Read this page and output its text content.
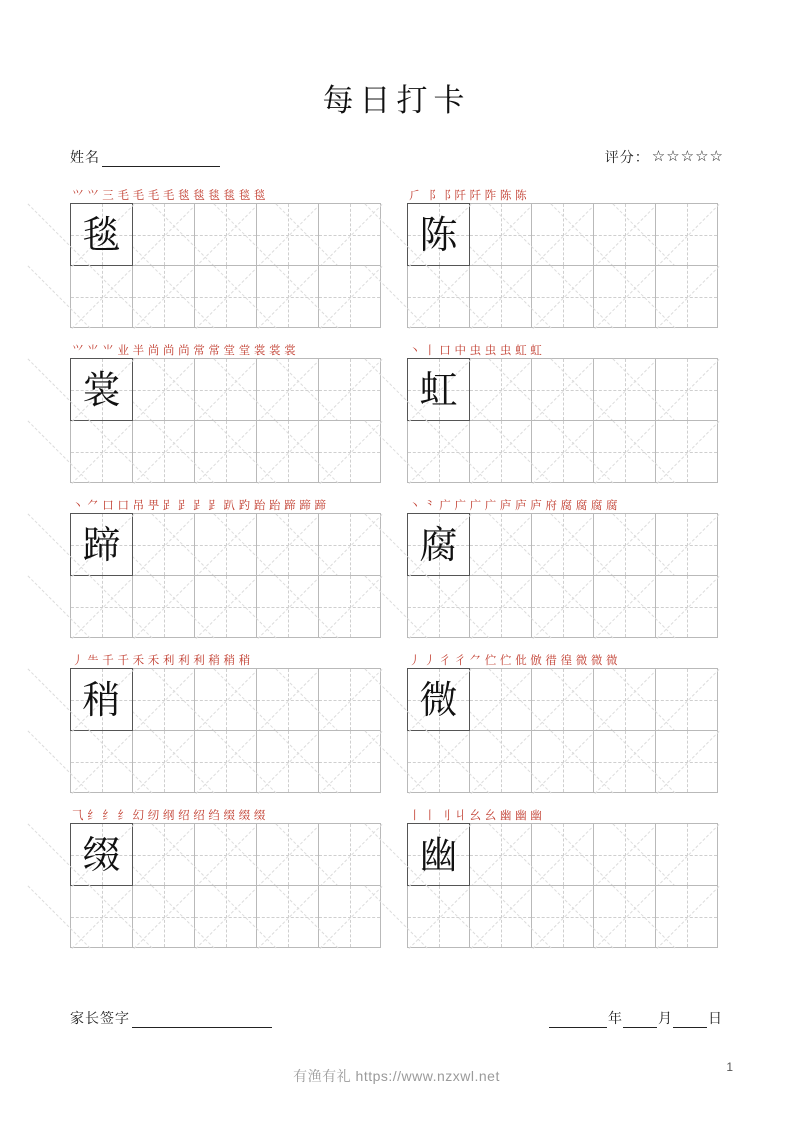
每日打卡
姓名	评分： ☆ ☆ ☆ ☆ ☆
⺍ ⺍ 三 毛 毛 毛 毛 毯 毯 毯 毯 毯 毯
毯
⺁ ⻏ ⻏ 阡 阡 阼 陈 陈
陈
⺍ ⺌ ⺌ 业 半 尚 尚 尚 常 常 堂 堂 裳 裳 裳
裳
丶 丨 口 中 虫 虫 虫 虹 虹
虹
丶 ⺈ 口 口 吊 甼 𧾷 𧾷 𧾷 𧾷 趴 趵 跆 跆 蹄 蹄 蹄
蹄
丶 ⺀ 广 广 广 广 庐 庐 庐 府 腐 腐 腐 腐
腐
丿 ⺧ 千 千 禾 禾 利 利 利 稍 稍 稍
稍
丿 丿 彳 彳 ⺈ 伫 伫 仳 倣 徣 徨 微 微 微
微
⺄ 纟 纟 纟 幻 纫 纲 绍 绍 绉 缀 缀 缀
缀
丨 丨 ⺉ 丩 幺 幺 幽 幽 幽
幽
家长签字	年	月	日
有渔有礼 https://www.nzxwl.net
1
